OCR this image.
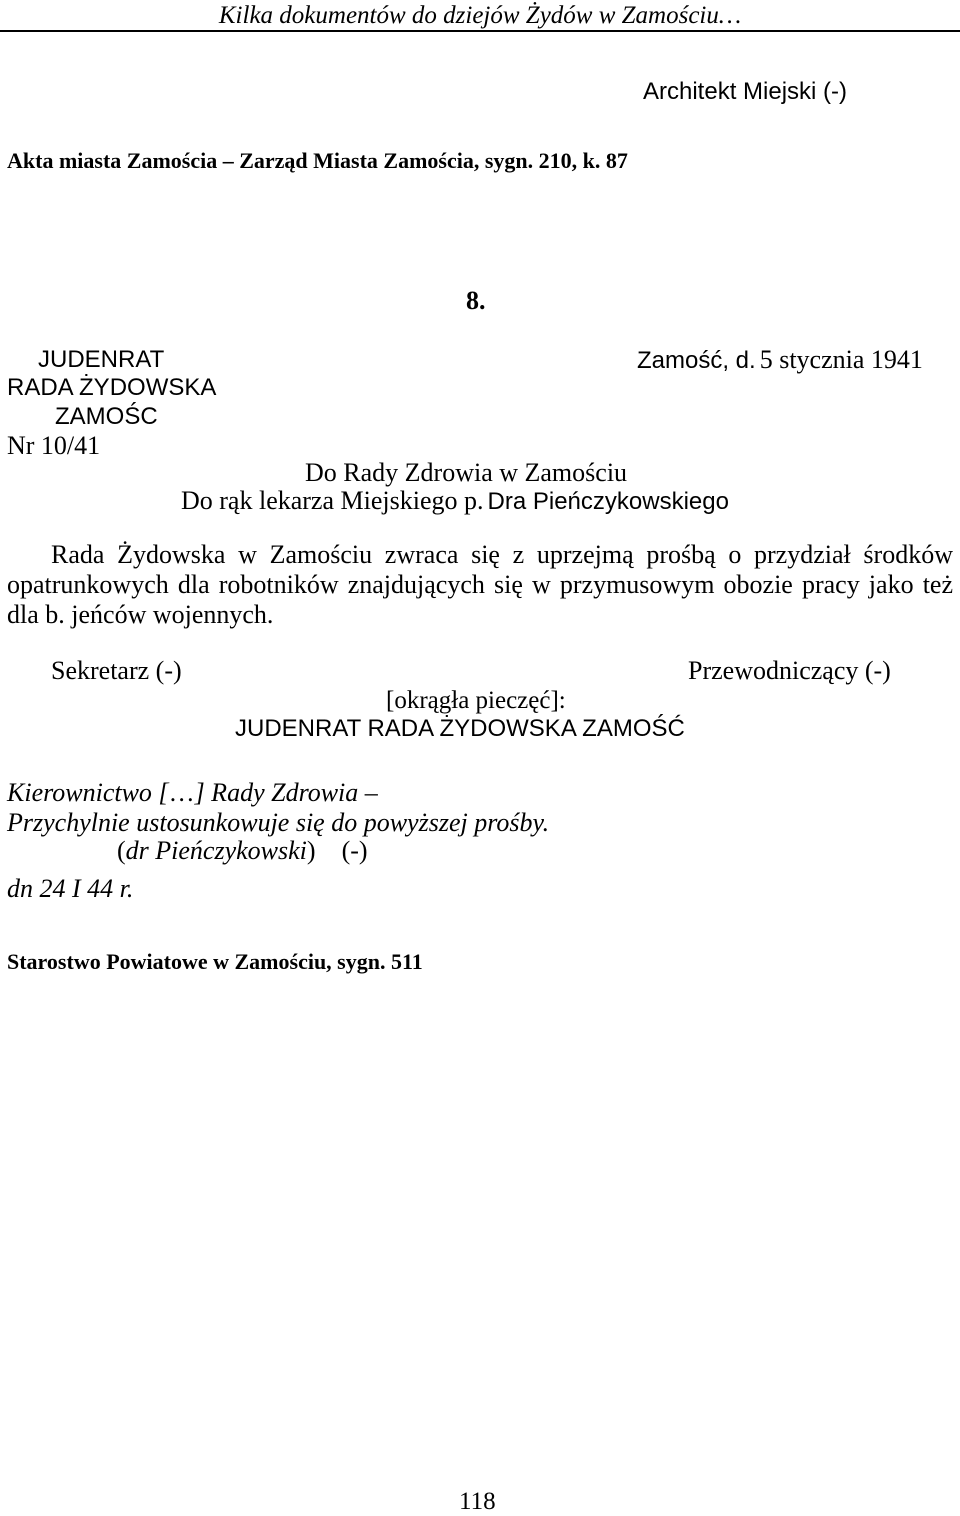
Kilka dokumentów do dziejów Żydów w Zamościu…
Architekt Miejski (-)
Akta miasta Zamościa – Zarząd Miasta Zamościa, sygn. 210, k. 87
8.
JUDENRAT
RADA ŻYDOWSKA
ZAMOŚC
Zamość, d. 5 stycznia 1941
Nr 10/41
Do Rady Zdrowia w Zamościu
Do rąk lekarza Miejskiego p. Dra Pieńczykowskiego
Rada Żydowska w Zamościu zwraca się z uprzejmą prośbą o przydział środków opatrunkowych dla robotników znajdujących się w przymusowym obozie pracy jako też dla b. jeńców wojennych.
Sekretarz (-)	Przewodniczący (-)
[okrągła pieczęć]:
JUDENRAT RADA ŻYDOWSKA ZAMOŚĆ
Kierownictwo […] Rady Zdrowia –
Przychylnie ustosunkowuje się do powyższej prośby.
(dr Pieńczykowski)    (-)
dn 24 I 44 r.
Starostwo Powiatowe w Zamościu, sygn. 511
118
